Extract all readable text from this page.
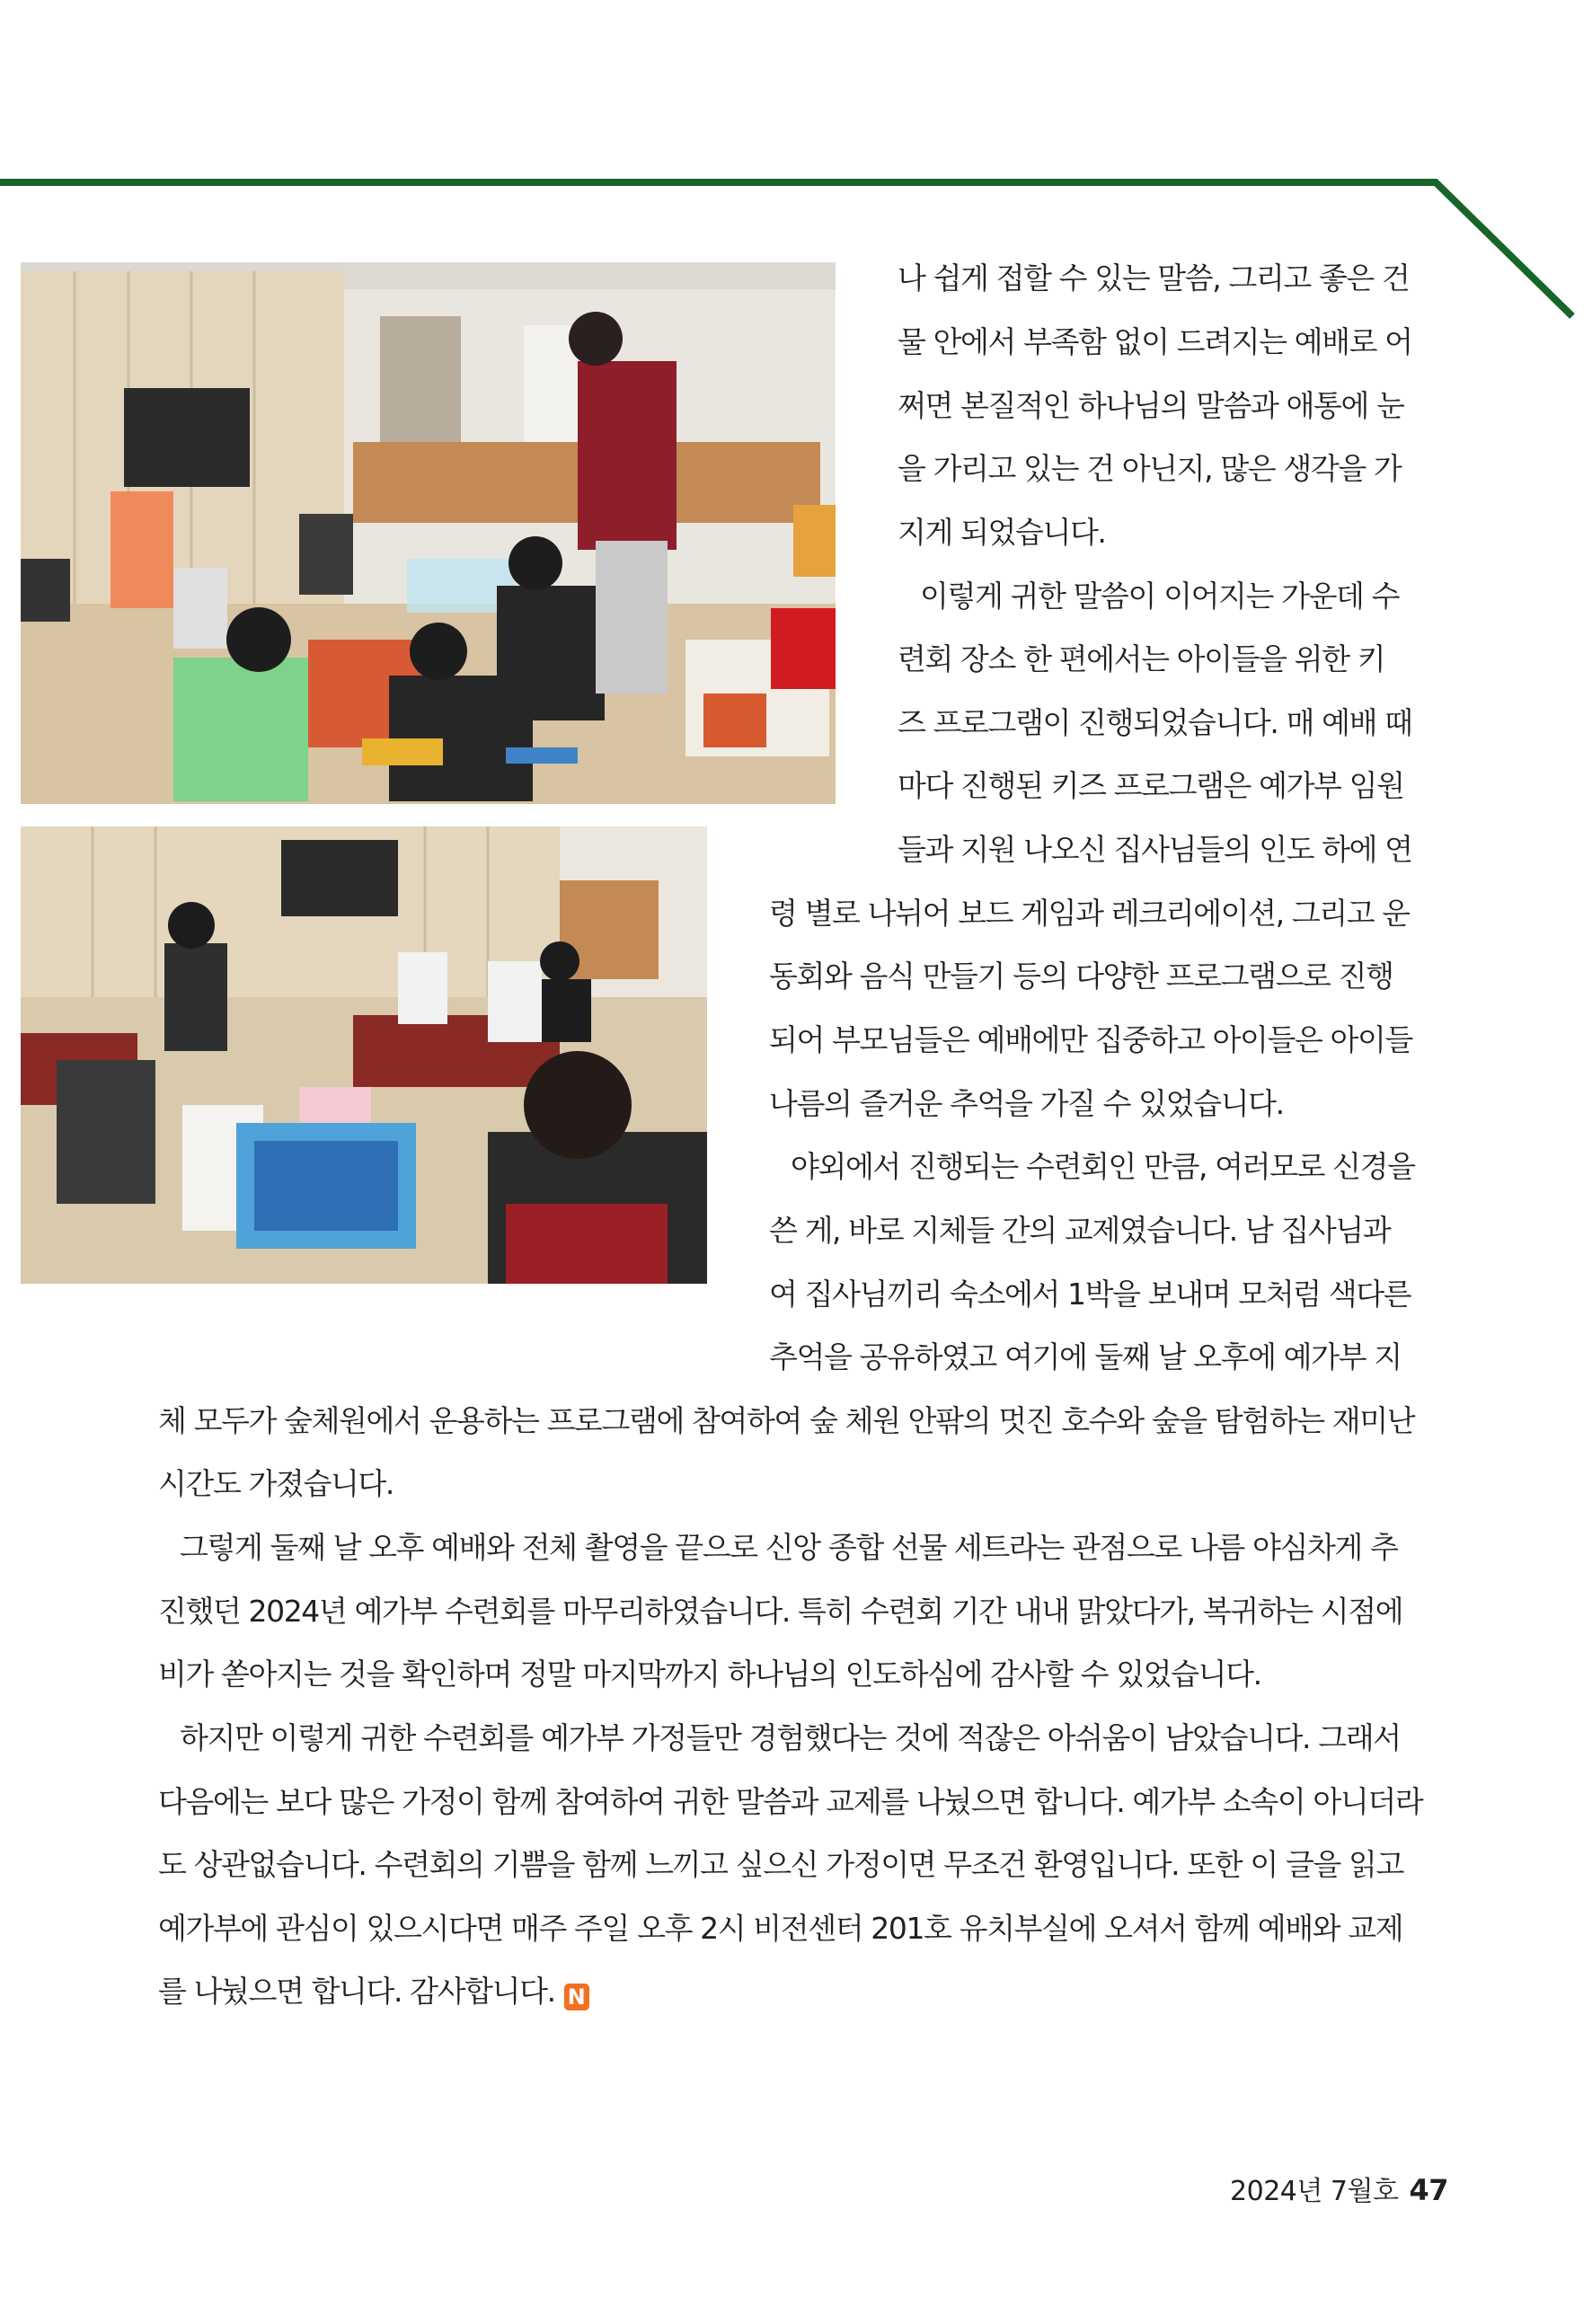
나 쉽게 접할 수 있는 말씀, 그리고 좋은 건
물 안에서 부족함 없이 드려지는 예배로 어
쩌면 본질적인 하나님의 말씀과 애통에 눈
을 가리고 있는 건 아닌지, 많은 생각을 가
지게 되었습니다.
이렇게 귀한 말씀이 이어지는 가운데 수
련회 장소 한 편에서는 아이들을 위한 키
즈 프로그램이 진행되었습니다. 매 예배 때
마다 진행된 키즈 프로그램은 예가부 임원
들과 지원 나오신 집사님들의 인도 하에 연
령 별로 나뉘어 보드 게임과 레크리에이션, 그리고 운
동회와 음식 만들기 등의 다양한 프로그램으로 진행
되어 부모님들은 예배에만 집중하고 아이들은 아이들
나름의 즐거운 추억을 가질 수 있었습니다.
야외에서 진행되는 수련회인 만큼, 여러모로 신경을
쓴 게, 바로 지체들 간의 교제였습니다. 남 집사님과
여 집사님끼리 숙소에서 1박을 보내며 모처럼 색다른
추억을 공유하였고 여기에 둘째 날 오후에 예가부 지
체 모두가 숲체원에서 운용하는 프로그램에 참여하여 숲 체원 안팎의 멋진 호수와 숲을 탐험하는 재미난
시간도 가졌습니다.
그렇게 둘째 날 오후 예배와 전체 촬영을 끝으로 신앙 종합 선물 세트라는 관점으로 나름 야심차게 추
진했던 2024년 예가부 수련회를 마무리하였습니다. 특히 수련회 기간 내내 맑았다가, 복귀하는 시점에
비가 쏟아지는 것을 확인하며 정말 마지막까지 하나님의 인도하심에 감사할 수 있었습니다.
하지만 이렇게 귀한 수련회를 예가부 가정들만 경험했다는 것에 적잖은 아쉬움이 남았습니다. 그래서
다음에는 보다 많은 가정이 함께 참여하여 귀한 말씀과 교제를 나눴으면 합니다. 예가부 소속이 아니더라
도 상관없습니다. 수련회의 기쁨을 함께 느끼고 싶으신 가정이면 무조건 환영입니다. 또한 이 글을 읽고
예가부에 관심이 있으시다면 매주 주일 오후 2시 비전센터 201호 유치부실에 오셔서 함께 예배와 교제
를 나눴으면 합니다. 감사합니다. N
2024년 7월호 47
